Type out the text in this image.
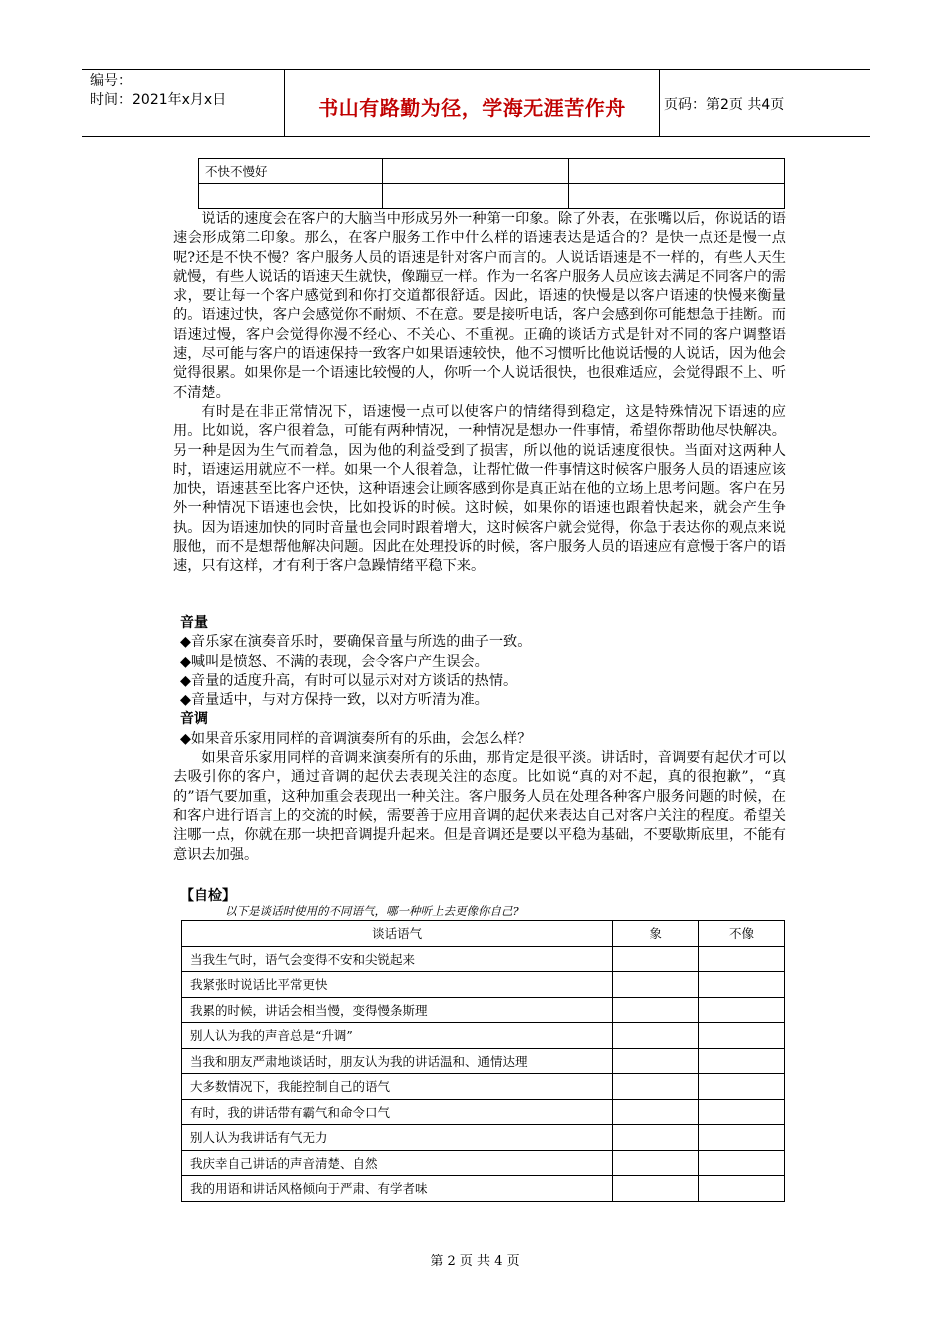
编号：
时间：2021年x月x日	书山有路勤为径，学海无涯苦作舟	页码：第2页 共4页
不快不慢好		

说话的速度会在客户的大脑当中形成另外一种第一印象。除了外表，在张嘴以后，你说话的语速会形成第二印象。那么，在客户服务工作中什么样的语速表达是适合的？是快一点还是慢一点呢?还是不快不慢？客户服务人员的语速是针对客户而言的。人说话语速是不一样的，有些人天生就慢，有些人说话的语速天生就快，像蹦豆一样。作为一名客户服务人员应该去满足不同客户的需求，要让每一个客户感觉到和你打交道都很舒适。因此，语速的快慢是以客户语速的快慢来衡量的。语速过快，客户会感觉你不耐烦、不在意。要是接听电话，客户会感到你可能想急于挂断。而语速过慢，客户会觉得你漫不经心、不关心、不重视。正确的谈话方式是针对不同的客户调整语速，尽可能与客户的语速保持一致客户如果语速较快，他不习惯听比他说话慢的人说话，因为他会觉得很累。如果你是一个语速比较慢的人，你听一个人说话很快，也很难适应，会觉得跟不上、听不清楚。

有时是在非正常情况下，语速慢一点可以使客户的情绪得到稳定，这是特殊情况下语速的应用。比如说，客户很着急，可能有两种情况，一种情况是想办一件事情，希望你帮助他尽快解决。另一种是因为生气而着急，因为他的利益受到了损害，所以他的说话速度很快。当面对这两种人时，语速运用就应不一样。如果一个人很着急，让帮忙做一件事情这时候客户服务人员的语速应该加快，语速甚至比客户还快，这种语速会让顾客感到你是真正站在他的立场上思考问题。客户在另外一种情况下语速也会快，比如投诉的时候。这时候，如果你的语速也跟着快起来，就会产生争执。因为语速加快的同时音量也会同时跟着增大，这时候客户就会觉得，你急于表达你的观点来说服他，而不是想帮他解决问题。因此在处理投诉的时候，客户服务人员的语速应有意慢于客户的语速，只有这样，才有利于客户急躁情绪平稳下来。

音量

◆音乐家在演奏音乐时，要确保音量与所选的曲子一致。

◆喊叫是愤怒、不满的表现，会令客户产生误会。

◆音量的适度升高，有时可以显示对对方谈话的热情。

◆音量适中，与对方保持一致，以对方听清为准。

音调

◆如果音乐家用同样的音调演奏所有的乐曲，会怎么样？

如果音乐家用同样的音调来演奏所有的乐曲，那肯定是很平淡。讲话时，音调要有起伏才可以去吸引你的客户，通过音调的起伏去表现关注的态度。比如说“真的对不起，真的很抱歉”，“真的”语气要加重，这种加重会表现出一种关注。客户服务人员在处理各种客户服务问题的时候，在和客户进行语言上的交流的时候，需要善于应用音调的起伏来表达自己对客户关注的程度。希望关注哪一点，你就在那一块把音调提升起来。但是音调还是要以平稳为基础，不要歇斯底里，不能有意识去加强。

【自检】
以下是谈话时使用的不同语气，哪一种听上去更像你自己?
谈话语气	象	不像
当我生气时，语气会变得不安和尖锐起来		
我紧张时说话比平常更快		
我累的时候，讲话会相当慢，变得慢条斯理		
别人认为我的声音总是“升调”		
当我和朋友严肃地谈话时，朋友认为我的讲话温和、通情达理		
大多数情况下，我能控制自己的语气		
有时，我的讲话带有霸气和命令口气		
别人认为我讲话有气无力		
我庆幸自己讲话的声音清楚、自然		
我的用语和讲话风格倾向于严肃、有学者味		
第 2 页 共 4 页
